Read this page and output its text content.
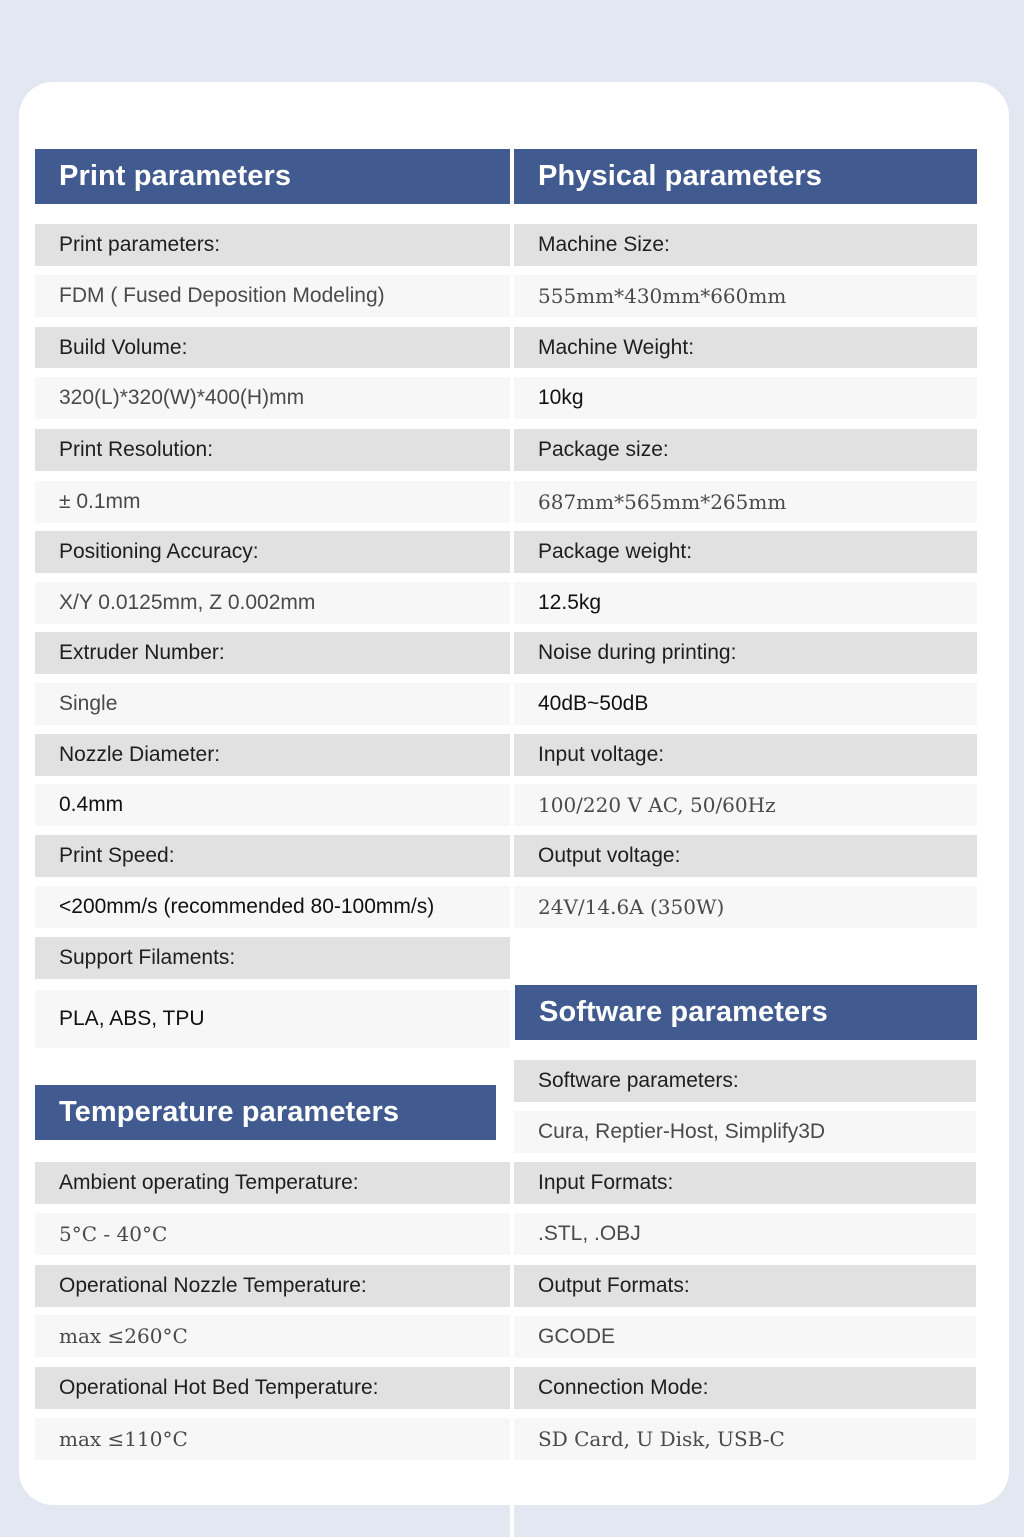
Print parameters
Print parameters:
FDM ( Fused Deposition Modeling)
Build Volume:
320(L)*320(W)*400(H)mm
Print Resolution:
± 0.1mm
Positioning Accuracy:
X/Y 0.0125mm, Z 0.002mm
Extruder Number:
Single
Nozzle Diameter:
0.4mm
Print Speed:
<200mm/s (recommended 80-100mm/s)
Support Filaments:
PLA, ABS, TPU
Physical parameters
Machine Size:
555mm*430mm*660mm
Machine Weight:
10kg
Package size:
687mm*565mm*265mm
Package weight:
12.5kg
Noise during printing:
40dB~50dB
Input voltage:
100/220 V AC, 50/60Hz
Output voltage:
24V/14.6A (350W)
Temperature parameters
Ambient operating Temperature:
5°C - 40°C
Operational Nozzle Temperature:
max ≤260°C
Operational Hot Bed Temperature:
max ≤110°C
Software parameters
Software parameters:
Cura, Reptier-Host, Simplify3D
Input Formats:
.STL, .OBJ
Output Formats:
GCODE
Connection Mode:
SD Card, U Disk, USB-C
